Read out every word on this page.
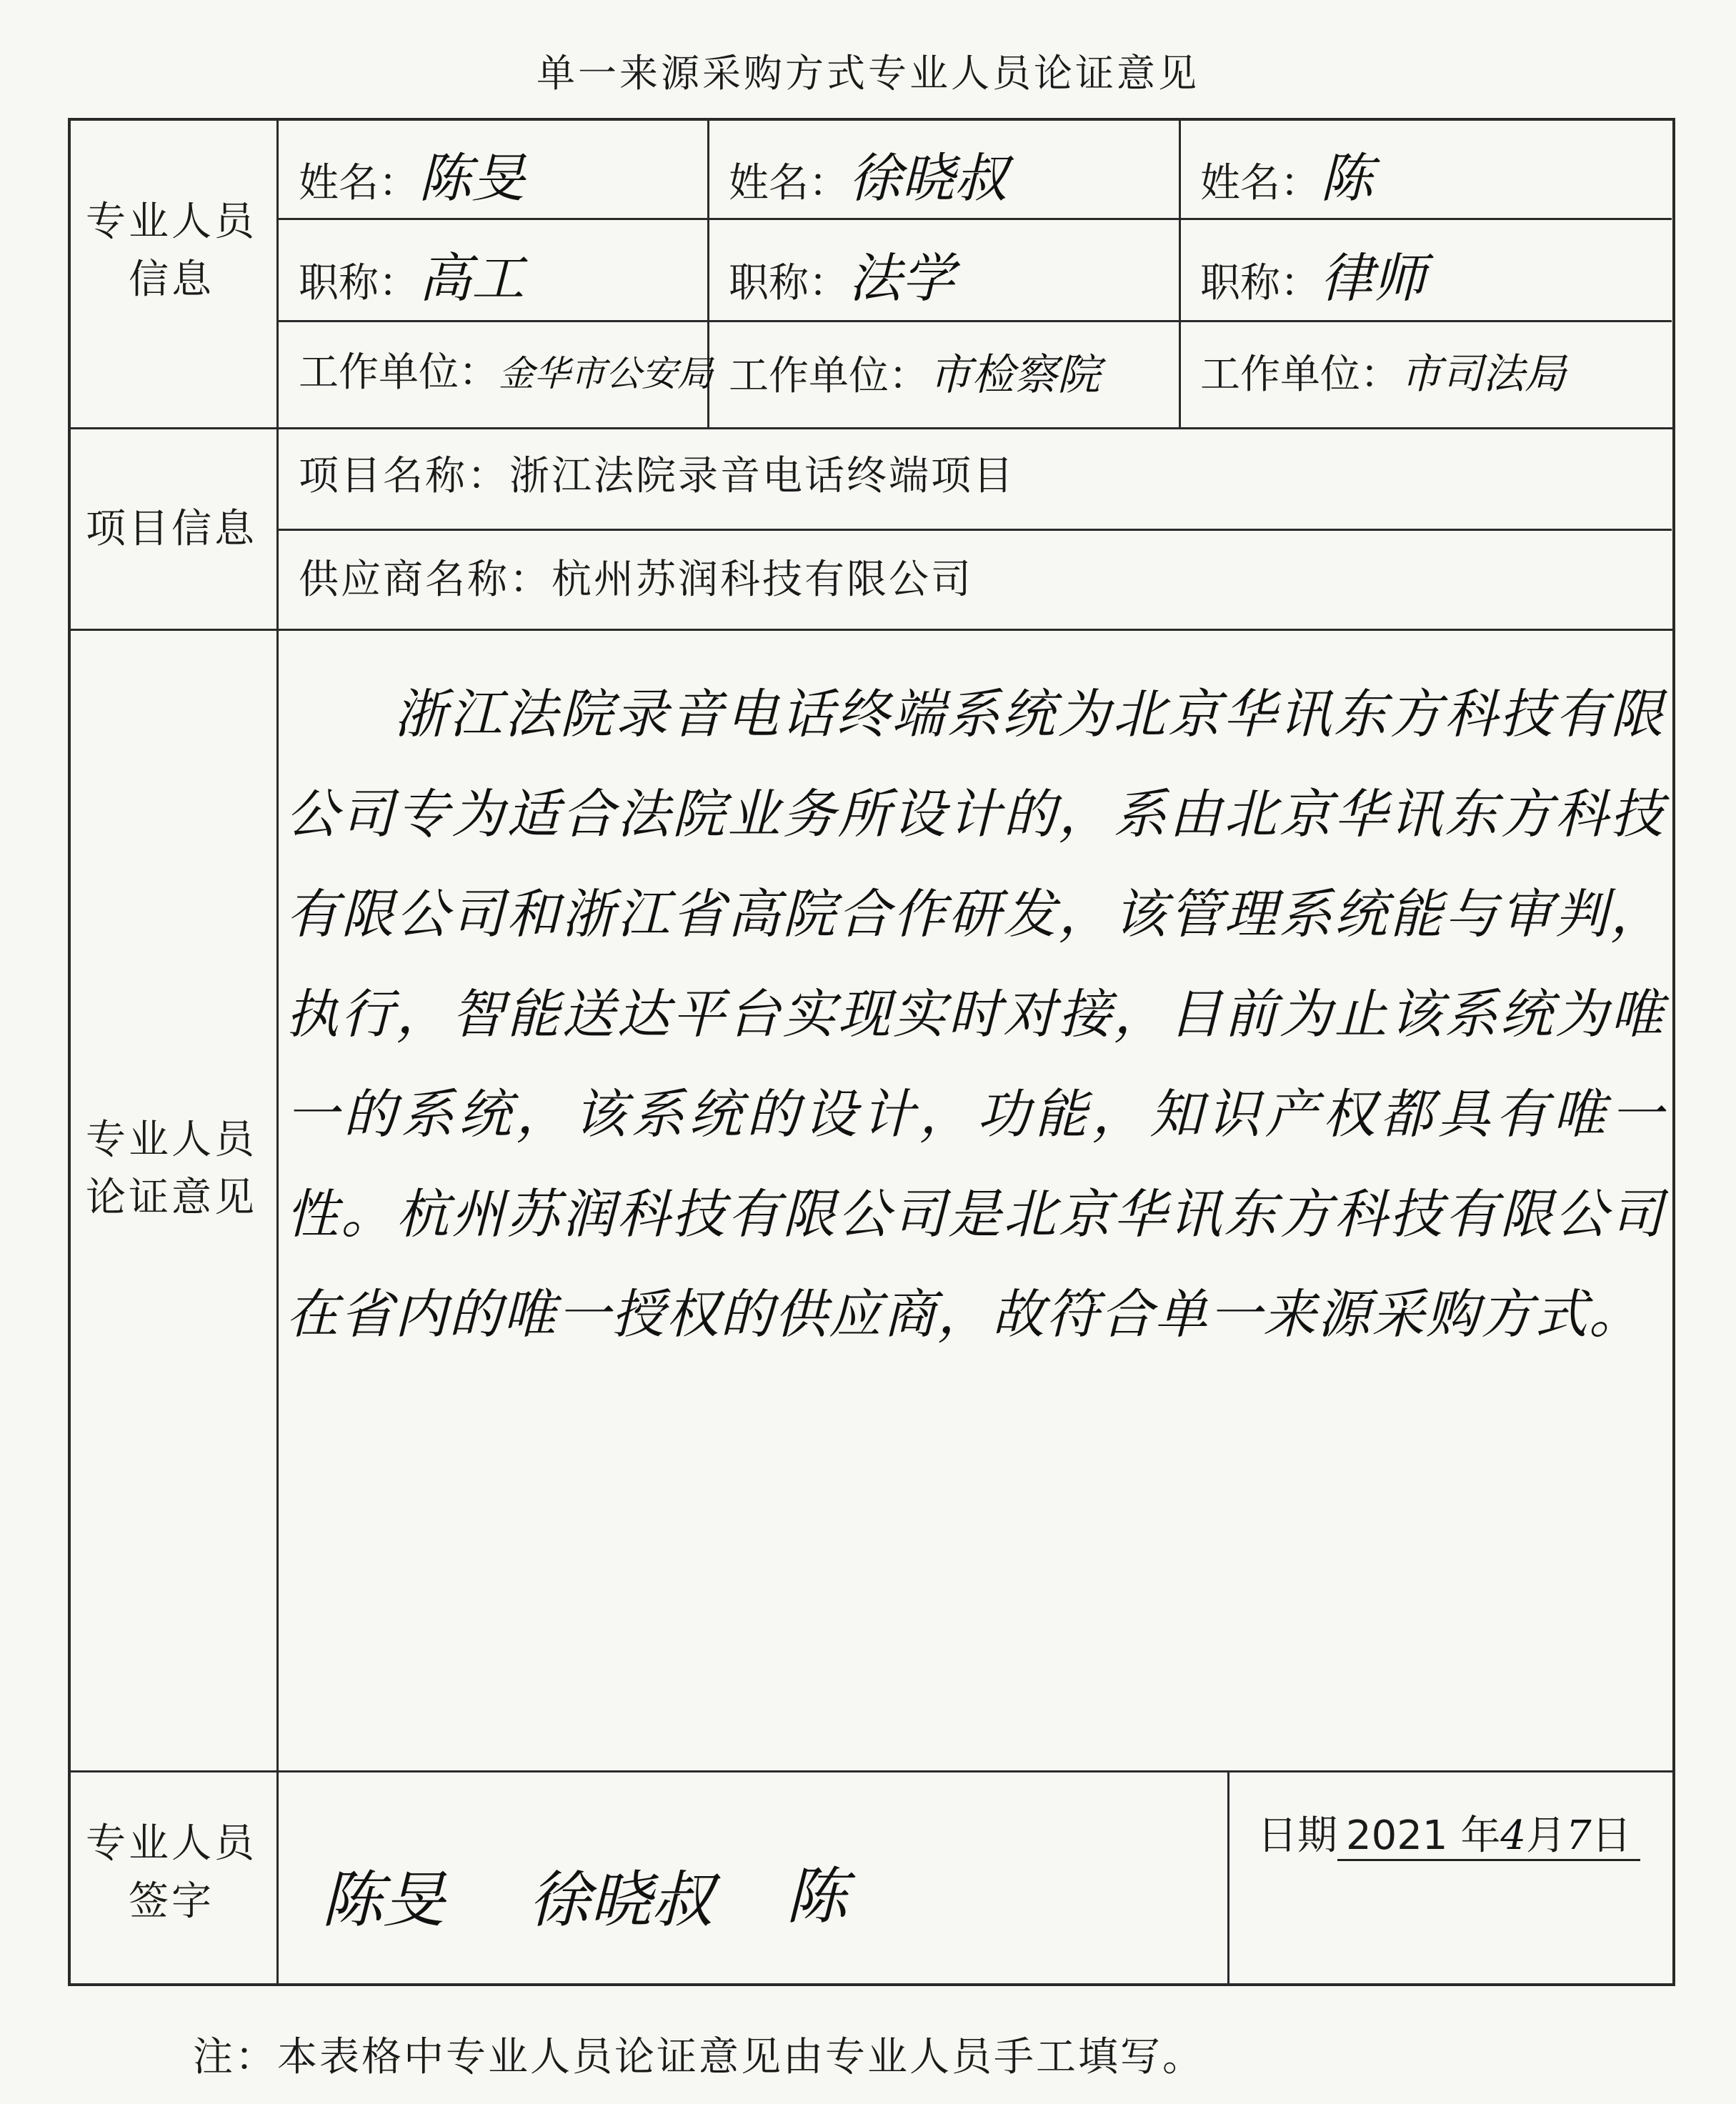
单一来源采购方式专业人员论证意见
专业人员信息
项目信息
专业人员论证意见
专业人员签字
姓名：陈旻
职称：高工
工作单位：金华市公安局
姓名：徐晓叔
职称：法学
工作单位：市检察院
姓名：陈
职称：律师
工作单位：市司法局
项目名称：浙江法院录音电话终端项目
供应商名称：杭州苏润科技有限公司
浙江法院录音电话终端系统为北京华讯东方科技有限公司专为适合法院业务所设计的，系由北京华讯东方科技有限公司和浙江省高院合作研发，该管理系统能与审判，执行，智能送达平台实现实时对接，目前为止该系统为唯一的系统，该系统的设计，功能，知识产权都具有唯一性。杭州苏润科技有限公司是北京华讯东方科技有限公司在省内的唯一授权的供应商，故符合单一来源采购方式。
陈旻 徐晓叔 陈
日期 2021 年4月7日
注：本表格中专业人员论证意见由专业人员手工填写。
